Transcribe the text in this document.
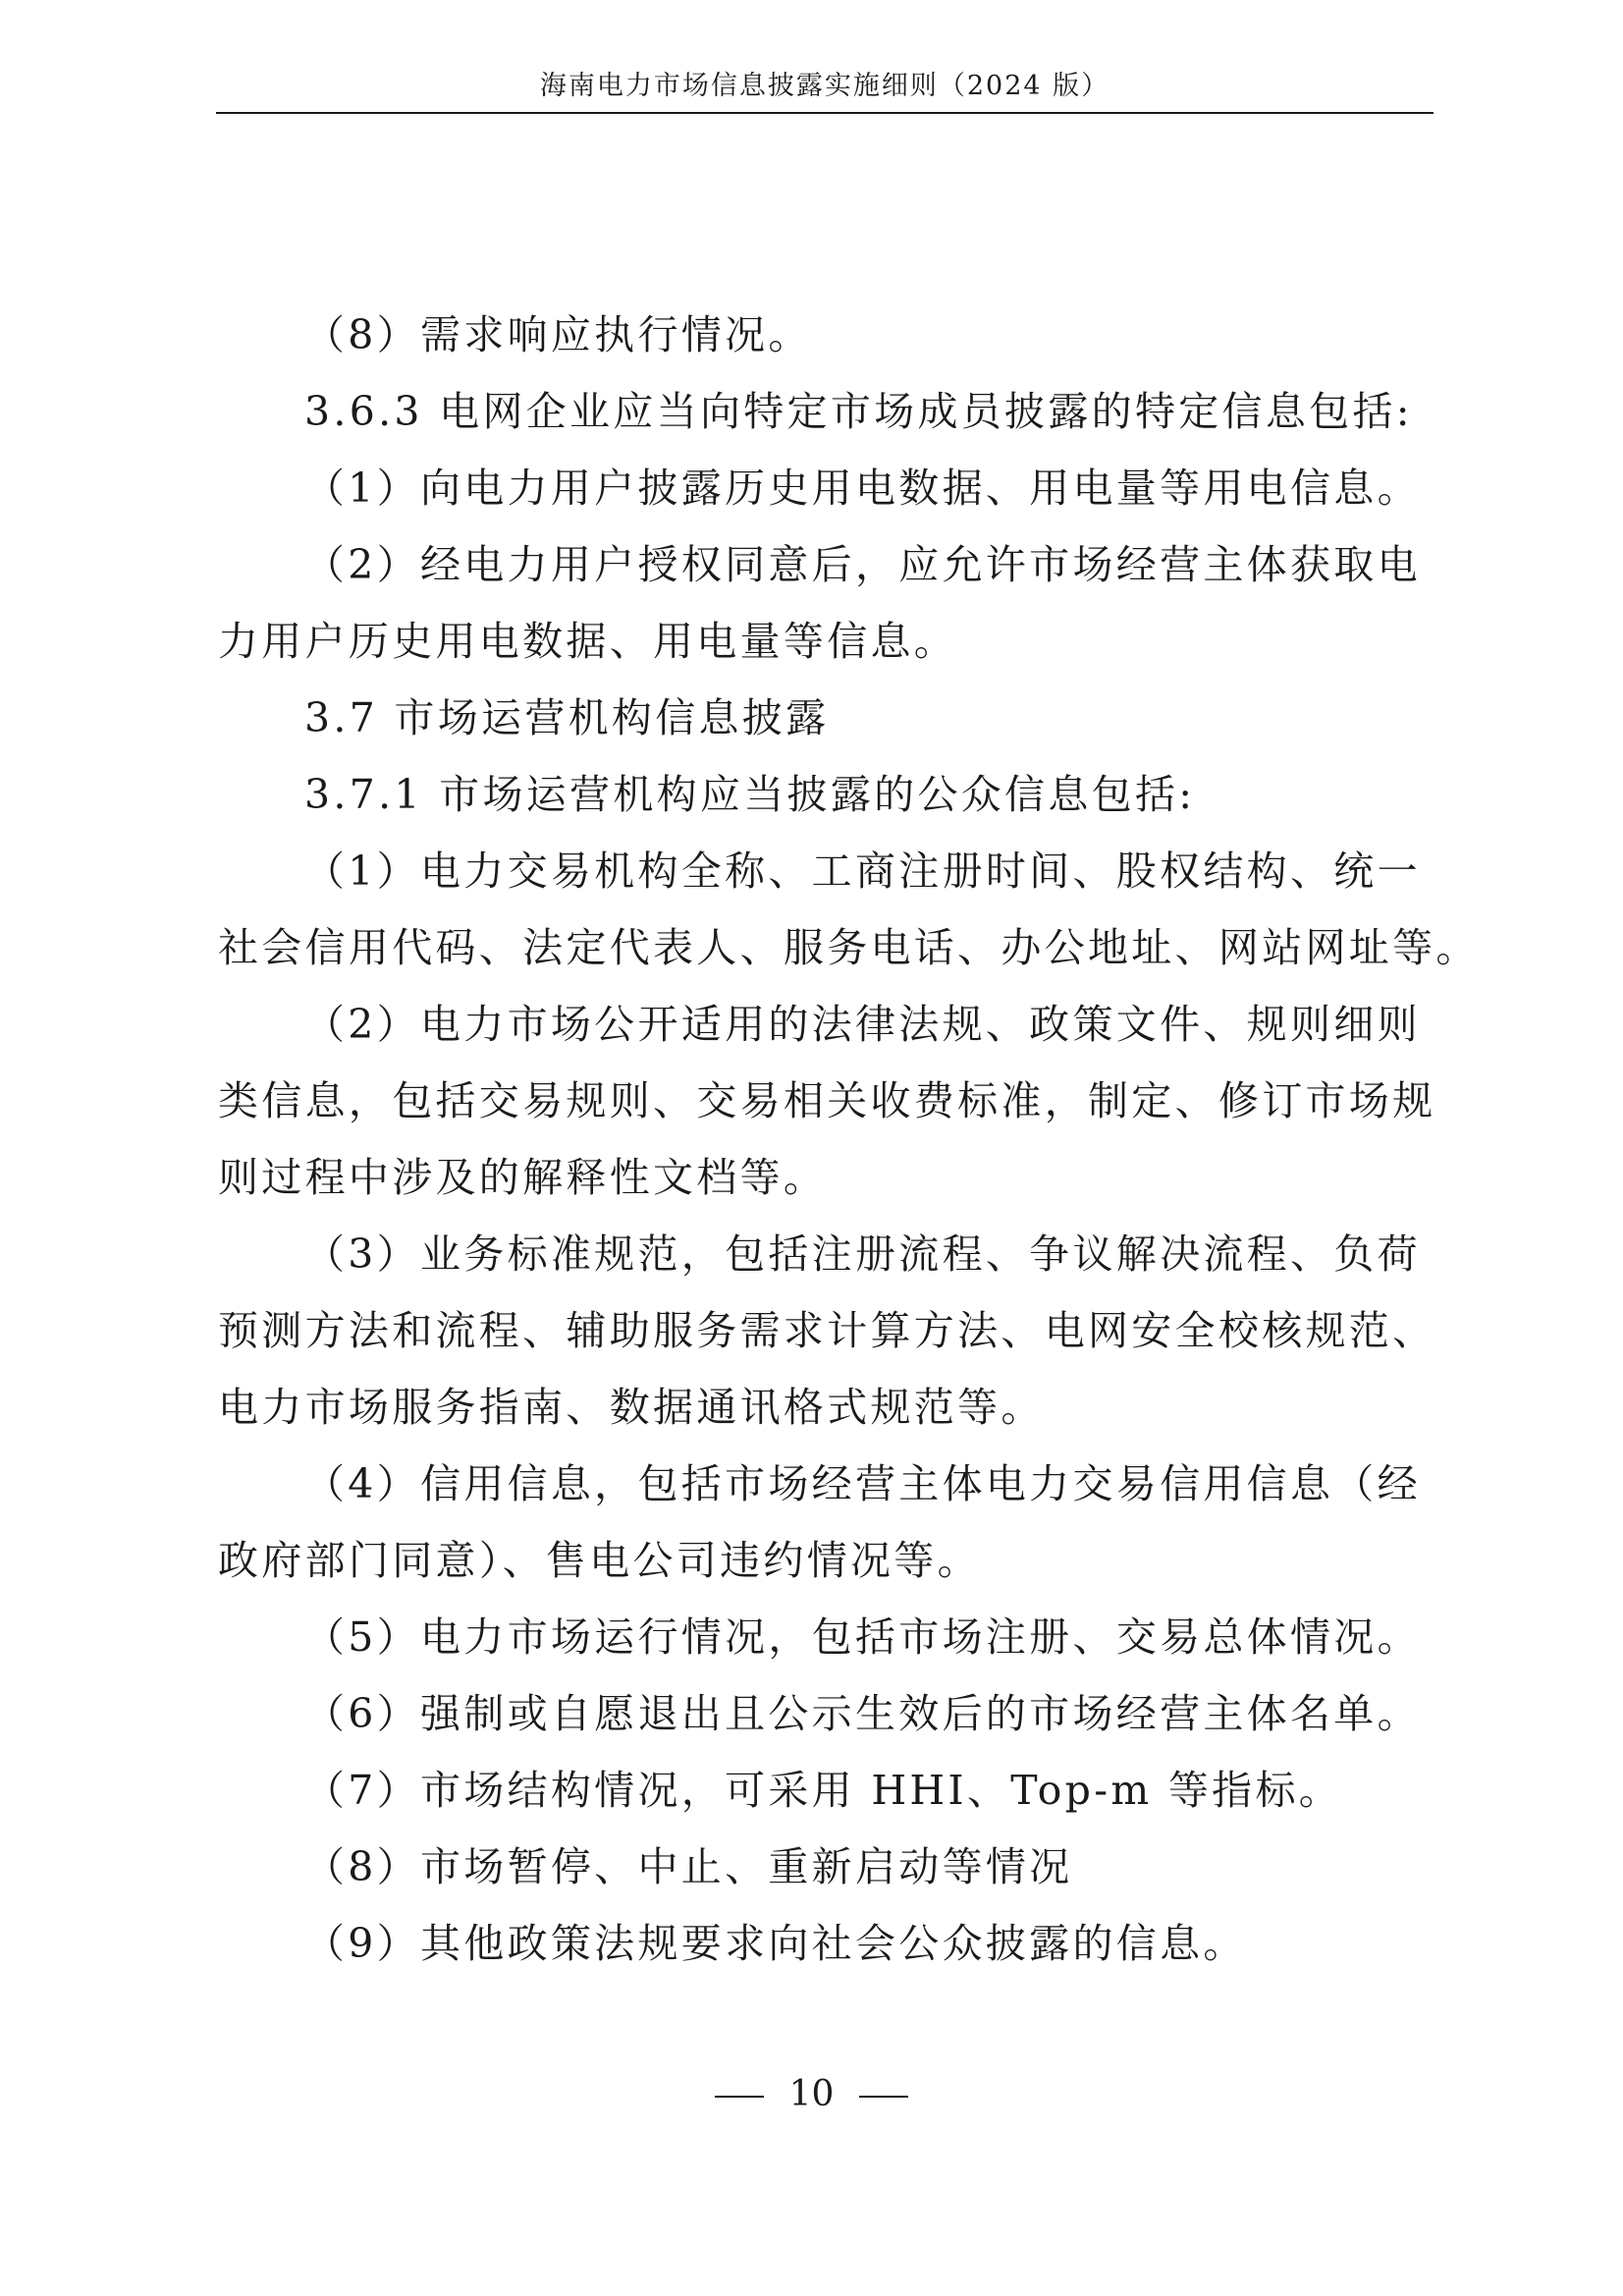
海南电力市场信息披露实施细则（2024 版）

（8）需求响应执行情况。

3.6.3 电网企业应当向特定市场成员披露的特定信息包括:

（1）向电力用户披露历史用电数据、用电量等用电信息。

（2）经电力用户授权同意后，应允许市场经营主体获取电
力用户历史用电数据、用电量等信息。

3.7 市场运营机构信息披露

3.7.1 市场运营机构应当披露的公众信息包括:

（1）电力交易机构全称、工商注册时间、股权结构、统一
社会信用代码、法定代表人、服务电话、办公地址、网站网址等。

（2）电力市场公开适用的法律法规、政策文件、规则细则
类信息，包括交易规则、交易相关收费标准，制定、修订市场规
则过程中涉及的解释性文档等。

（3）业务标准规范，包括注册流程、争议解决流程、负荷
预测方法和流程、辅助服务需求计算方法、电网安全校核规范、
电力市场服务指南、数据通讯格式规范等。

（4）信用信息，包括市场经营主体电力交易信用信息（经
政府部门同意）、售电公司违约情况等。

（5）电力市场运行情况，包括市场注册、交易总体情况。

（6）强制或自愿退出且公示生效后的市场经营主体名单。

（7）市场结构情况，可采用 HHI、Top-m 等指标。

（8）市场暂停、中止、重新启动等情况

（9）其他政策法规要求向社会公众披露的信息。

10
